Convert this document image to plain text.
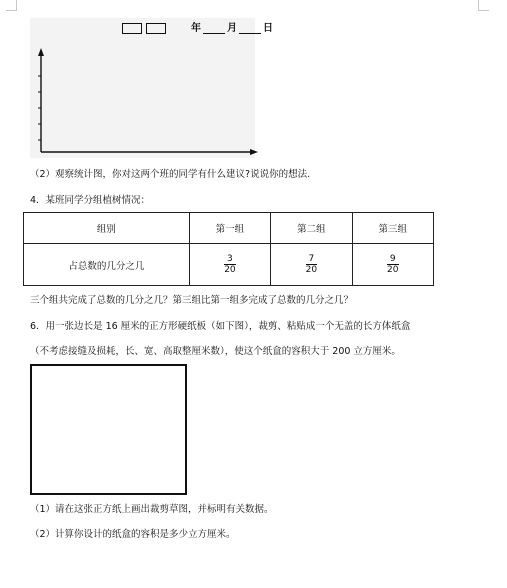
年	月	日
（2）观察统计图，你对这两个班的同学有什么建议?说说你的想法.
4．某班同学分组植树情况：
组别	第一组	第二组	第三组
占总数的几分之几	$\frac{3}{20}$	$\frac{7}{20}$	$\frac{9}{20}$
三个组共完成了总数的几分之几？第三组比第一组多完成了总数的几分之几？
6．用一张边长是 16 厘米的正方形硬纸板（如下图），裁剪、粘贴成一个无盖的长方体纸盒
（不考虑接缝及损耗，长、宽、高取整厘米数），使这个纸盒的容积大于 200 立方厘米。
（1）请在这张正方纸上画出裁剪草图，并标明有关数据。
（2）计算你设计的纸盒的容积是多少立方厘米。
